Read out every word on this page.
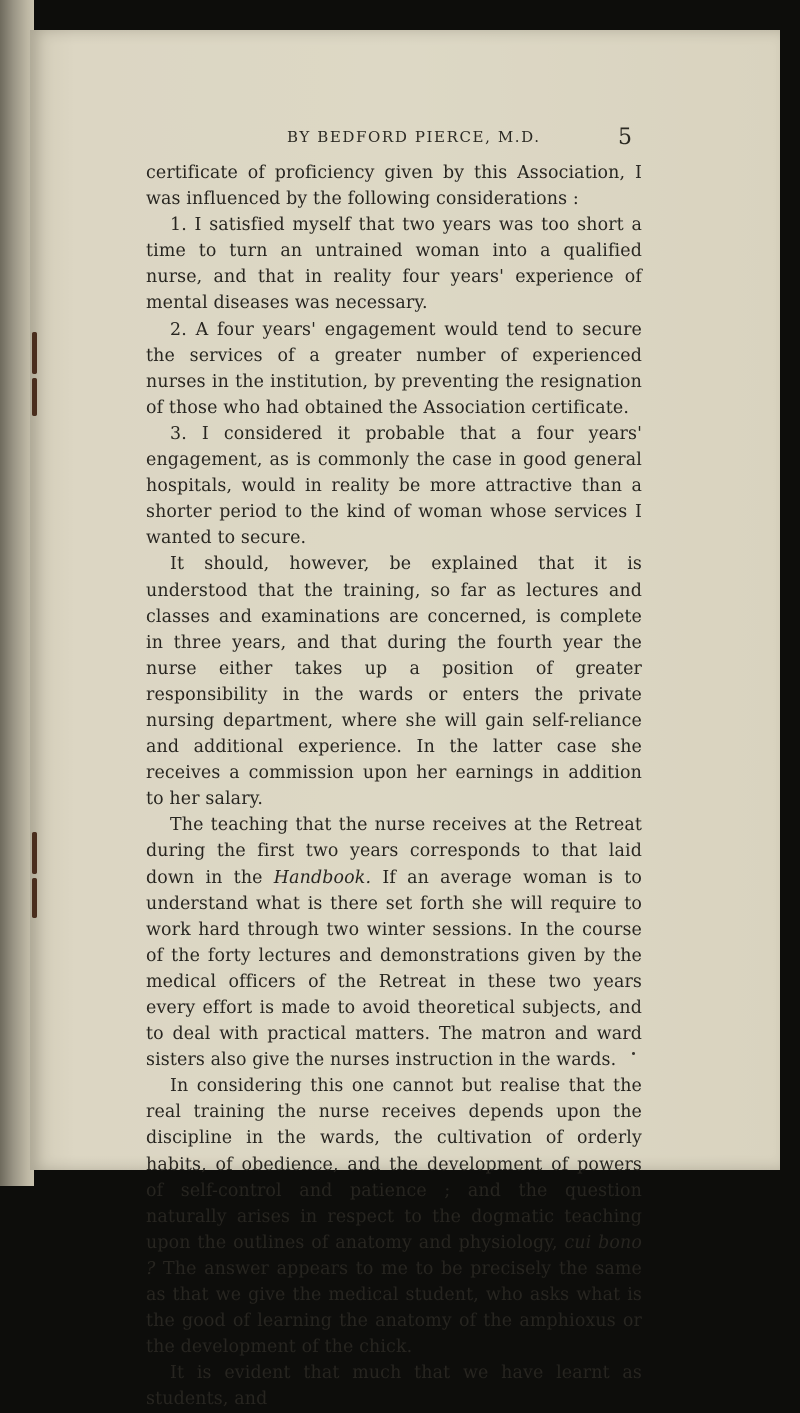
BY BEDFORD PIERCE, M.D.	5

certificate of proficiency given by this Association, I was influenced by the following considerations :

1. I satisfied myself that two years was too short a time to turn an untrained woman into a qualified nurse, and that in reality four years' experience of mental diseases was necessary.

2. A four years' engagement would tend to secure the services of a greater number of experienced nurses in the institution, by preventing the resignation of those who had obtained the Association certificate.

3. I considered it probable that a four years' engagement, as is commonly the case in good general hospitals, would in reality be more attractive than a shorter period to the kind of woman whose services I wanted to secure.

It should, however, be explained that it is understood that the training, so far as lectures and classes and examinations are concerned, is complete in three years, and that during the fourth year the nurse either takes up a position of greater responsibility in the wards or enters the private nursing department, where she will gain self-reliance and additional experience. In the latter case she receives a commission upon her earnings in addition to her salary.

The teaching that the nurse receives at the Retreat during the first two years corresponds to that laid down in the Handbook. If an average woman is to understand what is there set forth she will require to work hard through two winter sessions. In the course of the forty lectures and demonstrations given by the medical officers of the Retreat in these two years every effort is made to avoid theoretical subjects, and to deal with practical matters. The matron and ward sisters also give the nurses instruction in the wards.

In considering this one cannot but realise that the real training the nurse receives depends upon the discipline in the wards, the cultivation of orderly habits, of obedience, and the development of powers of self-control and patience ; and the question naturally arises in respect to the dogmatic teaching upon the outlines of anatomy and physiology, cui bono ? The answer appears to me to be precisely the same as that we give the medical student, who asks what is the good of learning the anatomy of the amphioxus or the development of the chick.

It is evident that much that we have learnt as students, and
